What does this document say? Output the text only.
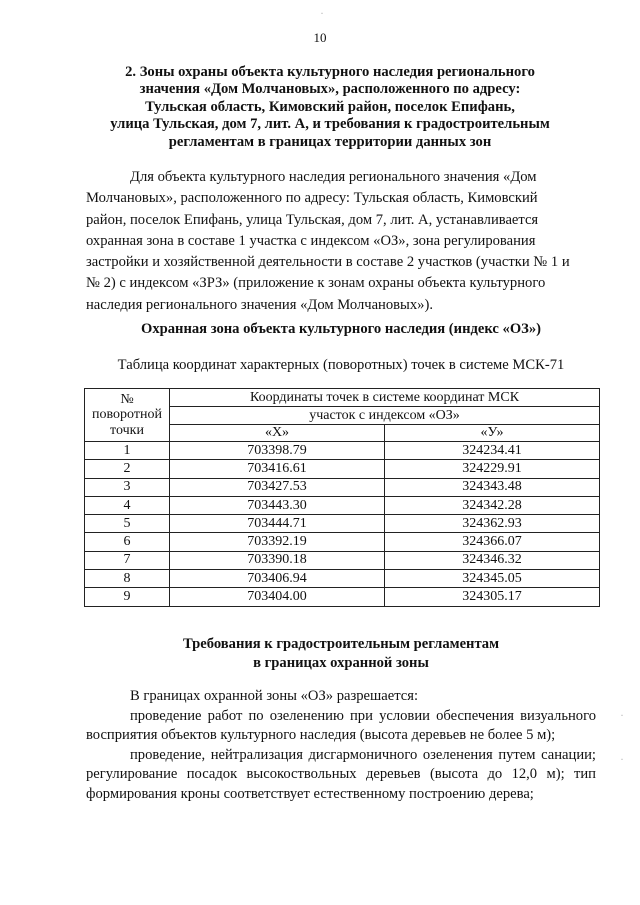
10
2. Зоны охраны объекта культурного наследия регионального
значения «Дом Молчановых», расположенного по адресу:
Тульская область, Кимовский район, поселок Епифань,
улица Тульская, дом 7, лит. А, и требования к градостроительным
регламентам в границах территории данных зон
Для объекта культурного наследия регионального значения «Дом
Молчановых», расположенного по адресу: Тульская область, Кимовский
район, поселок Епифань, улица Тульская, дом 7, лит. А, устанавливается
охранная зона в составе 1 участка с индексом «ОЗ», зона регулирования
застройки и хозяйственной деятельности в составе 2 участков (участки № 1 и
№ 2) с индексом «ЗРЗ» (приложение к зонам охраны объекта культурного
наследия регионального значения «Дом Молчановых»).
Охранная зона объекта культурного наследия (индекс «ОЗ»)
Таблица координат характерных (поворотных) точек в системе МСК-71
№ поворотной точки	Координаты точек в системе координат МСК	
	участок с индексом «ОЗ»	
	«Х»	«У»
1	703398.79	324234.41
2	703416.61	324229.91
3	703427.53	324343.48
4	703443.30	324342.28
5	703444.71	324362.93
6	703392.19	324366.07
7	703390.18	324346.32
8	703406.94	324345.05
9	703404.00	324305.17
Требования к градостроительным регламентам
в границах охранной зоны

В границах охранной зоны «ОЗ» разрешается:

проведение работ по озеленению при условии обеспечения визуального восприятия объектов культурного наследия (высота деревьев не более 5 м);

проведение, нейтрализация дисгармоничного озеленения путем санации; регулирование посадок высокоствольных деревьев (высота до 12,0 м); тип формирования кроны соответствует естественному построению дерева;

·
·
·
